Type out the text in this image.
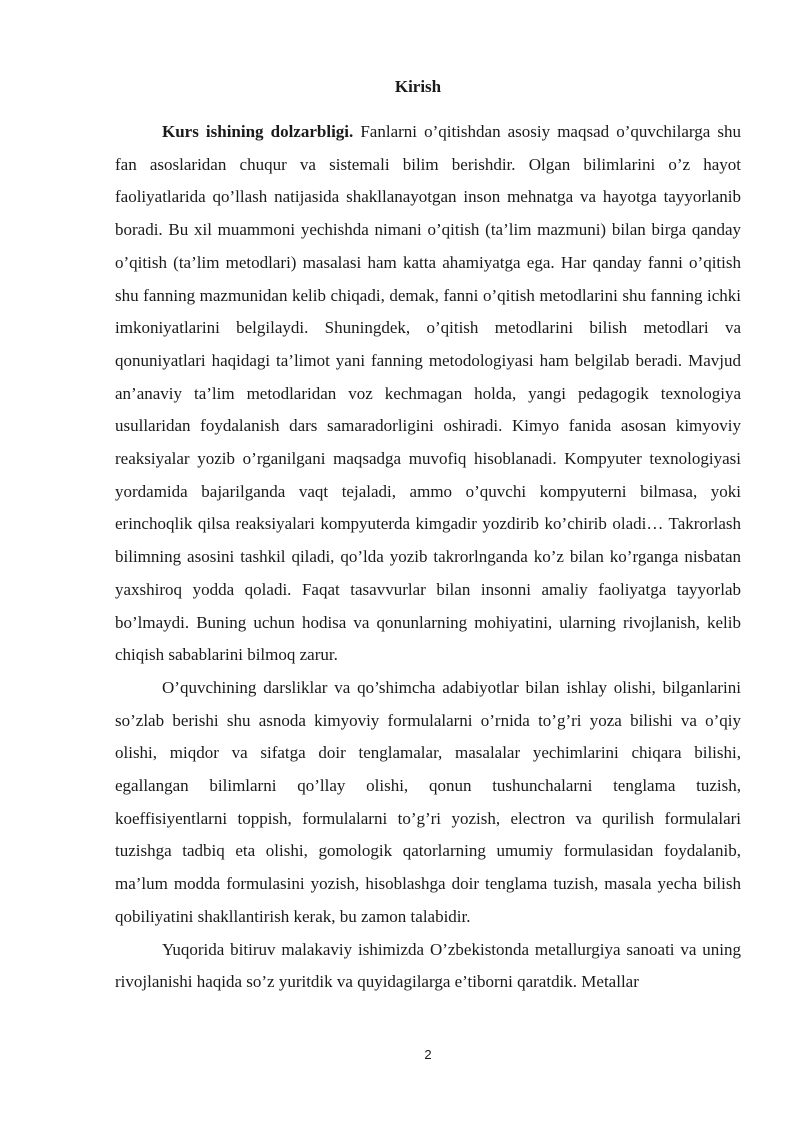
Kirish

Kurs ishining dolzarbligi. Fanlarni o’qitishdan asosiy maqsad o’quvchilarga shu fan asoslaridan chuqur va sistemali bilim berishdir. Olgan bilimlarini o’z hayot faoliyatlarida qo’llash natijasida shakllanayotgan inson mehnatga va hayotga tayyorlanib boradi. Bu xil muammoni yechishda nimani o’qitish (ta’lim mazmuni) bilan birga qanday o’qitish (ta’lim metodlari) masalasi ham katta ahamiyatga ega. Har qanday fanni o’qitish shu fanning mazmunidan kelib chiqadi, demak, fanni o’qitish metodlarini shu fanning ichki imkoniyatlarini belgilaydi. Shuningdek, o’qitish metodlarini bilish metodlari va qonuniyatlari haqidagi ta’limot yani fanning metodologiyasi ham belgilab beradi. Mavjud an’anaviy ta’lim metodlaridan voz kechmagan holda, yangi pedagogik texnologiya usullaridan foydalanish dars samaradorligini oshiradi. Kimyo fanida asosan kimyoviy reaksiyalar yozib o’rganilgani maqsadga muvofiq hisoblanadi. Kompyuter texnologiyasi yordamida bajarilganda vaqt tejaladi, ammo o’quvchi kompyuterni bilmasa, yoki erinchoqlik qilsa reaksiyalari kompyuterda kimgadir yozdirib ko’chirib oladi… Takrorlash bilimning asosini tashkil qiladi, qo’lda yozib takrorlnganda ko’z bilan ko’rganga nisbatan yaxshiroq yodda qoladi. Faqat tasavvurlar bilan insonni amaliy faoliyatga tayyorlab bo’lmaydi. Buning uchun hodisa va qonunlarning mohiyatini, ularning rivojlanish, kelib chiqish sabablarini bilmoq zarur.

O’quvchining darsliklar va qo’shimcha adabiyotlar bilan ishlay olishi, bilganlarini so’zlab berishi shu asnoda kimyoviy formulalarni o’rnida to’g’ri yoza bilishi va o’qiy olishi, miqdor va sifatga doir tenglamalar, masalalar yechimlarini chiqara bilishi, egallangan bilimlarni qo’llay olishi, qonun tushunchalarni tenglama tuzish, koeffisiyentlarni toppish, formulalarni to’g’ri yozish, electron va qurilish formulalari tuzishga tadbiq eta olishi, gomologik qatorlarning umumiy formulasidan foydalanib, ma’lum modda formulasini yozish, hisoblashga doir tenglama tuzish, masala yecha bilish qobiliyatini shakllantirish kerak, bu zamon talabidir.

Yuqorida bitiruv malakaviy ishimizda O’zbekistonda metallurgiya sanoati va uning rivojlanishi haqida so’z yuritdik va quyidagilarga e’tiborni qaratdik. Metallar

2
